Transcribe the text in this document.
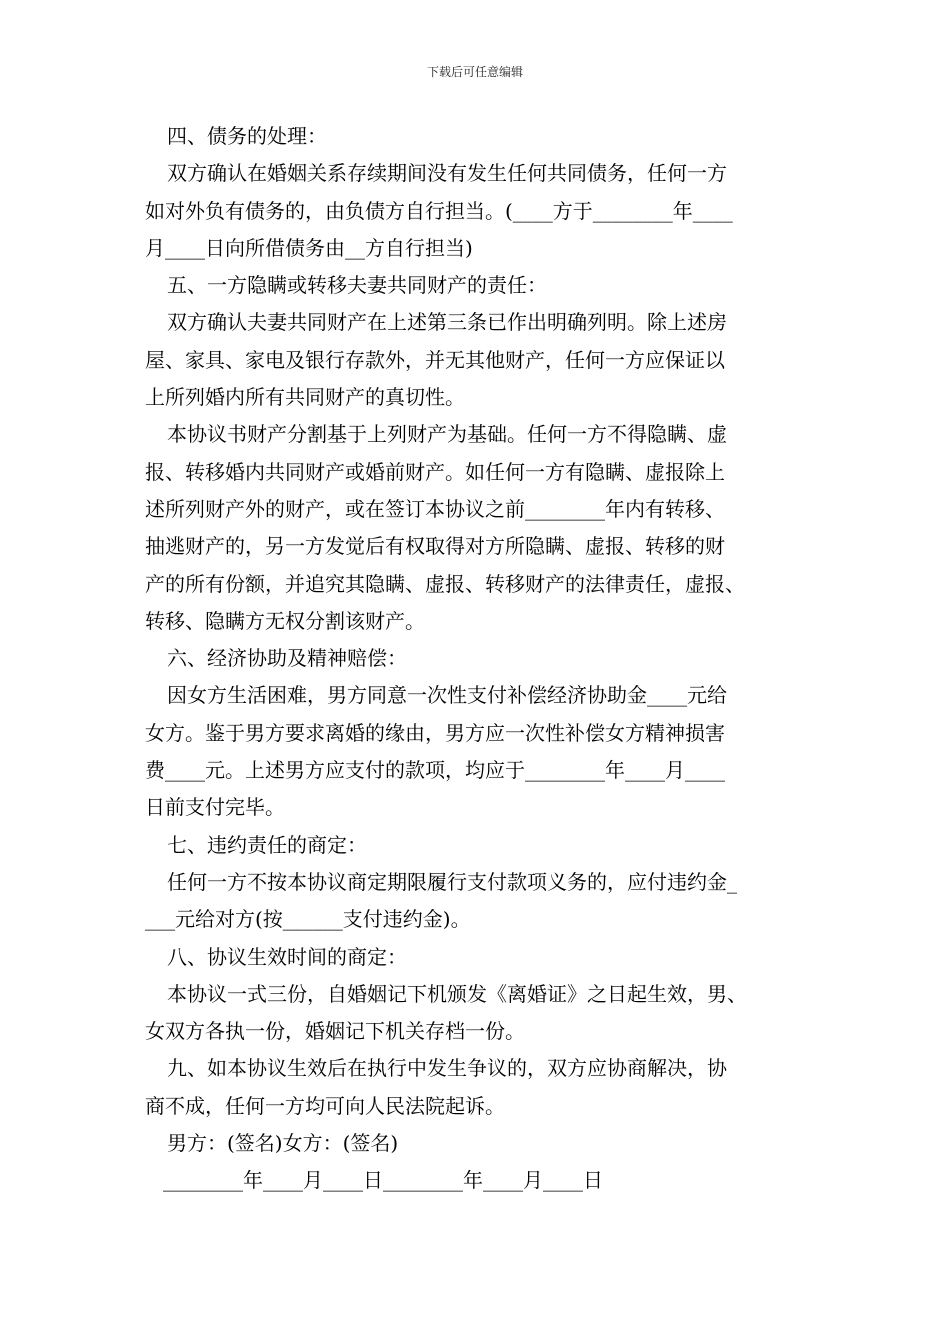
下载后可任意编辑
四、债务的处理：
双方确认在婚姻关系存续期间没有发生任何共同债务，任何一方
如对外负有债务的，由负债方自行担当。(____方于________年____
月____日向所借债务由__方自行担当)
五、一方隐瞒或转移夫妻共同财产的责任：
双方确认夫妻共同财产在上述第三条已作出明确列明。除上述房
屋、家具、家电及银行存款外，并无其他财产，任何一方应保证以
上所列婚内所有共同财产的真切性。
本协议书财产分割基于上列财产为基础。任何一方不得隐瞒、虚
报、转移婚内共同财产或婚前财产。如任何一方有隐瞒、虚报除上
述所列财产外的财产，或在签订本协议之前________年内有转移、
抽逃财产的，另一方发觉后有权取得对方所隐瞒、虚报、转移的财
产的所有份额，并追究其隐瞒、虚报、转移财产的法律责任，虚报、
转移、隐瞒方无权分割该财产。
六、经济协助及精神赔偿：
因女方生活困难，男方同意一次性支付补偿经济协助金____元给
女方。鉴于男方要求离婚的缘由，男方应一次性补偿女方精神损害
费____元。上述男方应支付的款项，均应于________年____月____
日前支付完毕。
七、违约责任的商定：
任何一方不按本协议商定期限履行支付款项义务的，应付违约金_
___元给对方(按______支付违约金)。
八、协议生效时间的商定：
本协议一式三份，自婚姻记下机颁发《离婚证》之日起生效，男、
女双方各执一份，婚姻记下机关存档一份。
九、如本协议生效后在执行中发生争议的，双方应协商解决，协
商不成，任何一方均可向人民法院起诉。
男方：(签名)女方：(签名)
________年____月____日________年____月____日
